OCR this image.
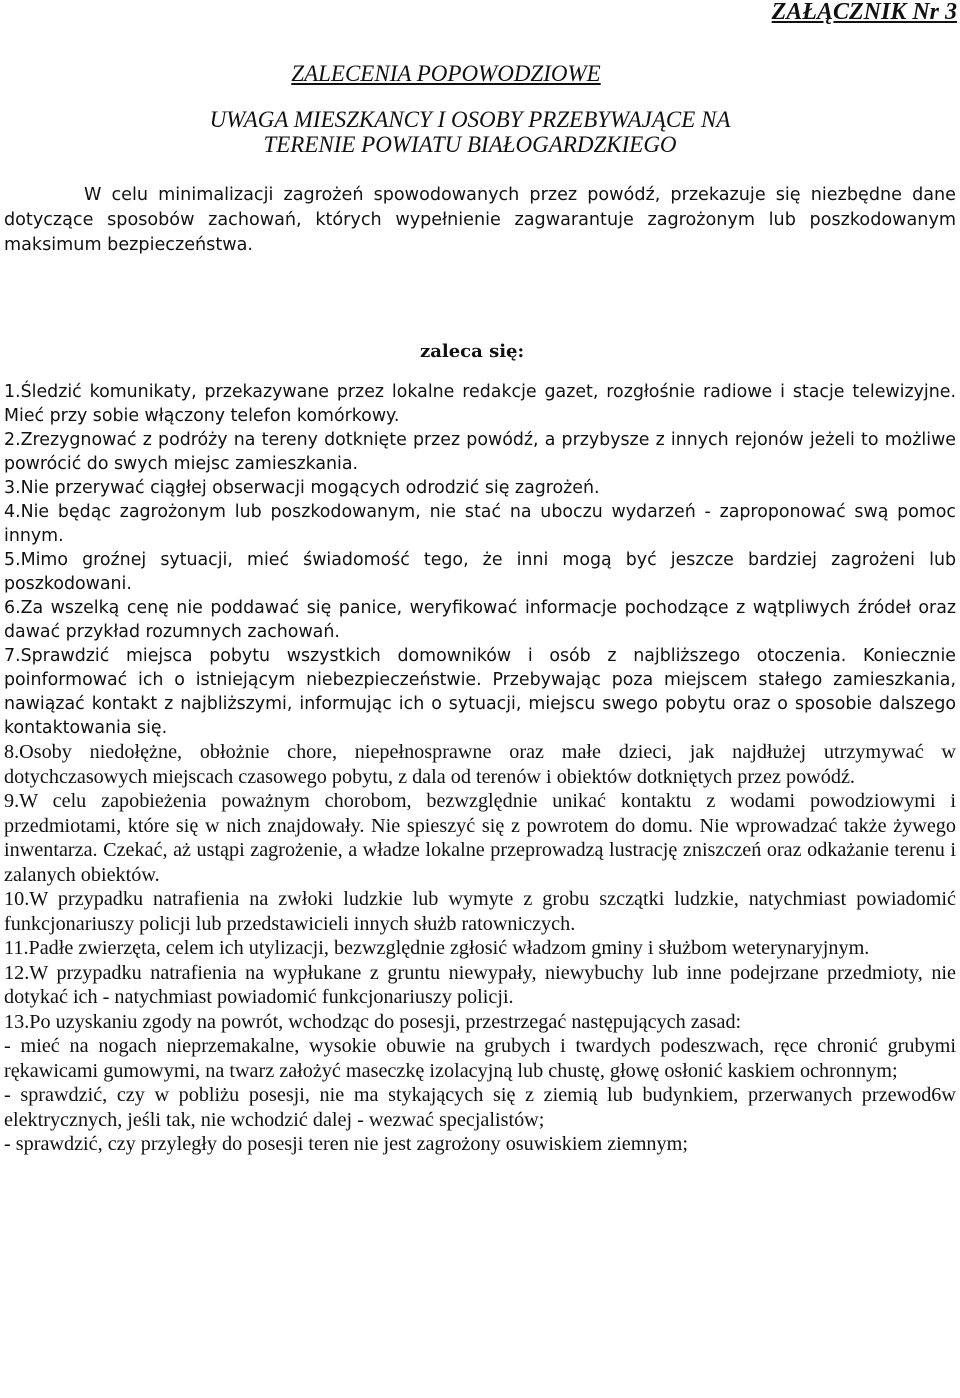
ZAŁĄCZNIK Nr 3
ZALECENIA POPOWODZIOWE
UWAGA MIESZKANCY I OSOBY PRZEBYWAJĄCE NA
TERENIE POWIATU BIAŁOGARDZKIEGO

W celu minimalizacji zagrożeń spowodowanych przez powódź, przekazuje się niezbędne dane dotyczące sposobów zachowań, których wypełnienie zagwarantuje zagrożonym lub poszkodowanym maksimum bezpieczeństwa.

zaleca się:
1.Śledzić komunikaty, przekazywane przez lokalne redakcje gazet, rozgłośnie radiowe i stacje telewizyjne. Mieć przy sobie włączony telefon komórkowy.
2.Zrezygnować z podróży na tereny dotknięte przez powódź, a przybysze z innych rejonów jeżeli to możliwe powrócić do swych miejsc zamieszkania.
3.Nie przerywać ciągłej obserwacji mogących odrodzić się zagrożeń.
4.Nie będąc zagrożonym lub poszkodowanym, nie stać na uboczu wydarzeń - zaproponować swą pomoc innym.
5.Mimo groźnej sytuacji, mieć świadomość tego, że inni mogą być jeszcze bardziej zagrożeni lub poszkodowani.
6.Za wszelką cenę nie poddawać się panice, weryfikować informacje pochodzące z wątpliwych źródeł oraz dawać przykład rozumnych zachowań.
7.Sprawdzić miejsca pobytu wszystkich domowników i osób z najbliższego otoczenia. Koniecznie poinformować ich o istniejącym niebezpieczeństwie. Przebywając poza miejscem stałego zamieszkania, nawiązać kontakt z najbliższymi, informując ich o sytuacji, miejscu swego pobytu oraz o sposobie dalszego kontaktowania się.
8.Osoby niedołężne, obłożnie chore, niepełnosprawne oraz małe dzieci, jak najdłużej utrzymywać w dotychczasowych miejscach czasowego pobytu, z dala od terenów i obiektów dotkniętych przez powódź.
9.W celu zapobieżenia poważnym chorobom, bezwzględnie unikać kontaktu z wodami powodziowymi i przedmiotami, które się w nich znajdowały. Nie spieszyć się z powrotem do domu. Nie wprowadzać także żywego inwentarza. Czekać, aż ustąpi zagrożenie, a władze lokalne przeprowadzą lustrację zniszczeń oraz odkażanie terenu i zalanych obiektów.
10.W przypadku natrafienia na zwłoki ludzkie lub wymyte z grobu szczątki ludzkie, natychmiast powiadomić funkcjonariuszy policji lub przedstawicieli innych służb ratowniczych.
11.Padłe zwierzęta, celem ich utylizacji, bezwzględnie zgłosić władzom gminy i służbom weterynaryjnym.
12.W przypadku natrafienia na wypłukane z gruntu niewypały, niewybuchy lub inne podejrzane przedmioty, nie dotykać ich - natychmiast powiadomić funkcjonariuszy policji.
13.Po uzyskaniu zgody na powrót, wchodząc do posesji, przestrzegać następujących zasad:
- mieć na nogach nieprzemakalne, wysokie obuwie na grubych i twardych podeszwach, ręce chronić grubymi rękawicami gumowymi, na twarz założyć maseczkę izolacyjną lub chustę, głowę osłonić kaskiem ochronnym;
- sprawdzić, czy w pobliżu posesji, nie ma stykających się z ziemią lub budynkiem, przerwanych przewod6w elektrycznych, jeśli tak, nie wchodzić dalej - wezwać specjalistów;
- sprawdzić, czy przyległy do posesji teren nie jest zagrożony osuwiskiem ziemnym;
